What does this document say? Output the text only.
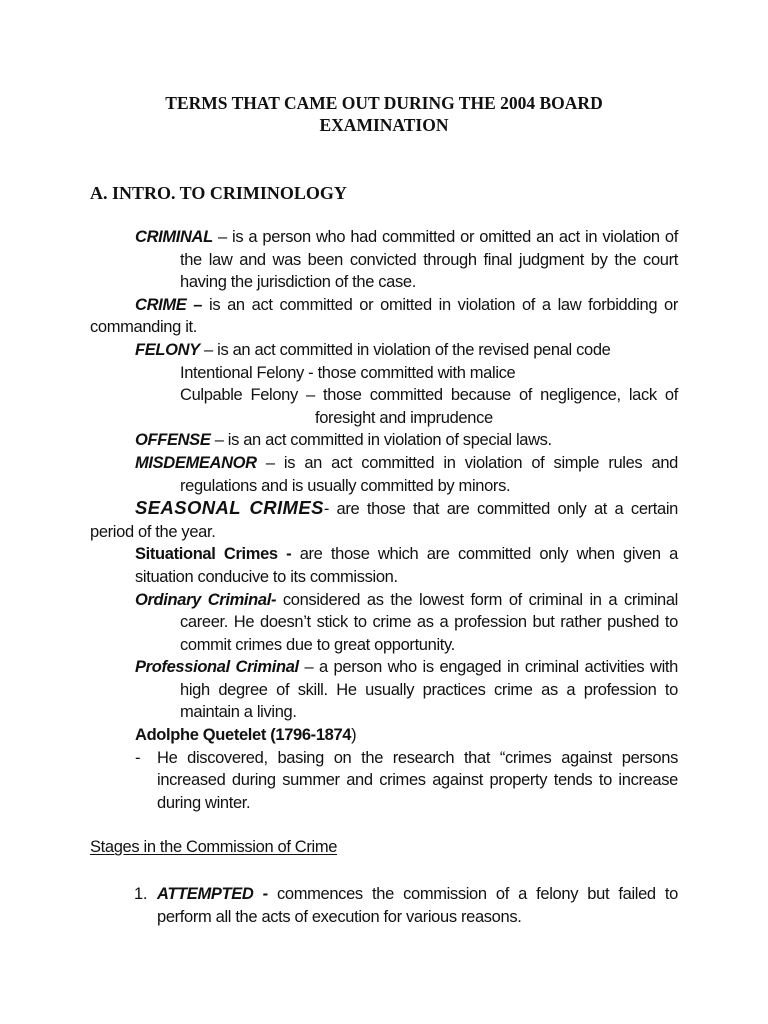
TERMS THAT CAME OUT DURING THE 2004 BOARD
EXAMINATION
A. INTRO. TO CRIMINOLOGY

CRIMINAL – is a person who had committed or omitted an act in violation of the law and was been convicted through final judgment by the court having the jurisdiction of the case.

CRIME – is an act committed or omitted in violation of a law forbidding or commanding it.

FELONY – is an act committed in violation of the revised penal code

Intentional Felony - those committed with malice

Culpable Felony – those committed because of negligence, lack of foresight and imprudence

OFFENSE – is an act committed in violation of special laws.

MISDEMEANOR – is an act committed in violation of simple rules and regulations and is usually committed by minors.

SEASONAL CRIMES- are those that are committed only at a certain period of the year.

Situational Crimes - are those which are committed only when given a situation conducive to its commission.

Ordinary Criminal- considered as the lowest form of criminal in a criminal career. He doesn’t stick to crime as a profession but rather pushed to commit crimes due to great opportunity.

Professional Criminal – a person who is engaged in criminal activities with high degree of skill. He usually practices crime as a profession to maintain a living.

Adolphe Quetelet (1796-1874)

- He discovered, basing on the research that “crimes against persons increased during summer and crimes against property tends to increase during winter.

Stages in the Commission of Crime

1. ATTEMPTED - commences the commission of a felony but failed to perform all the acts of execution for various reasons.
